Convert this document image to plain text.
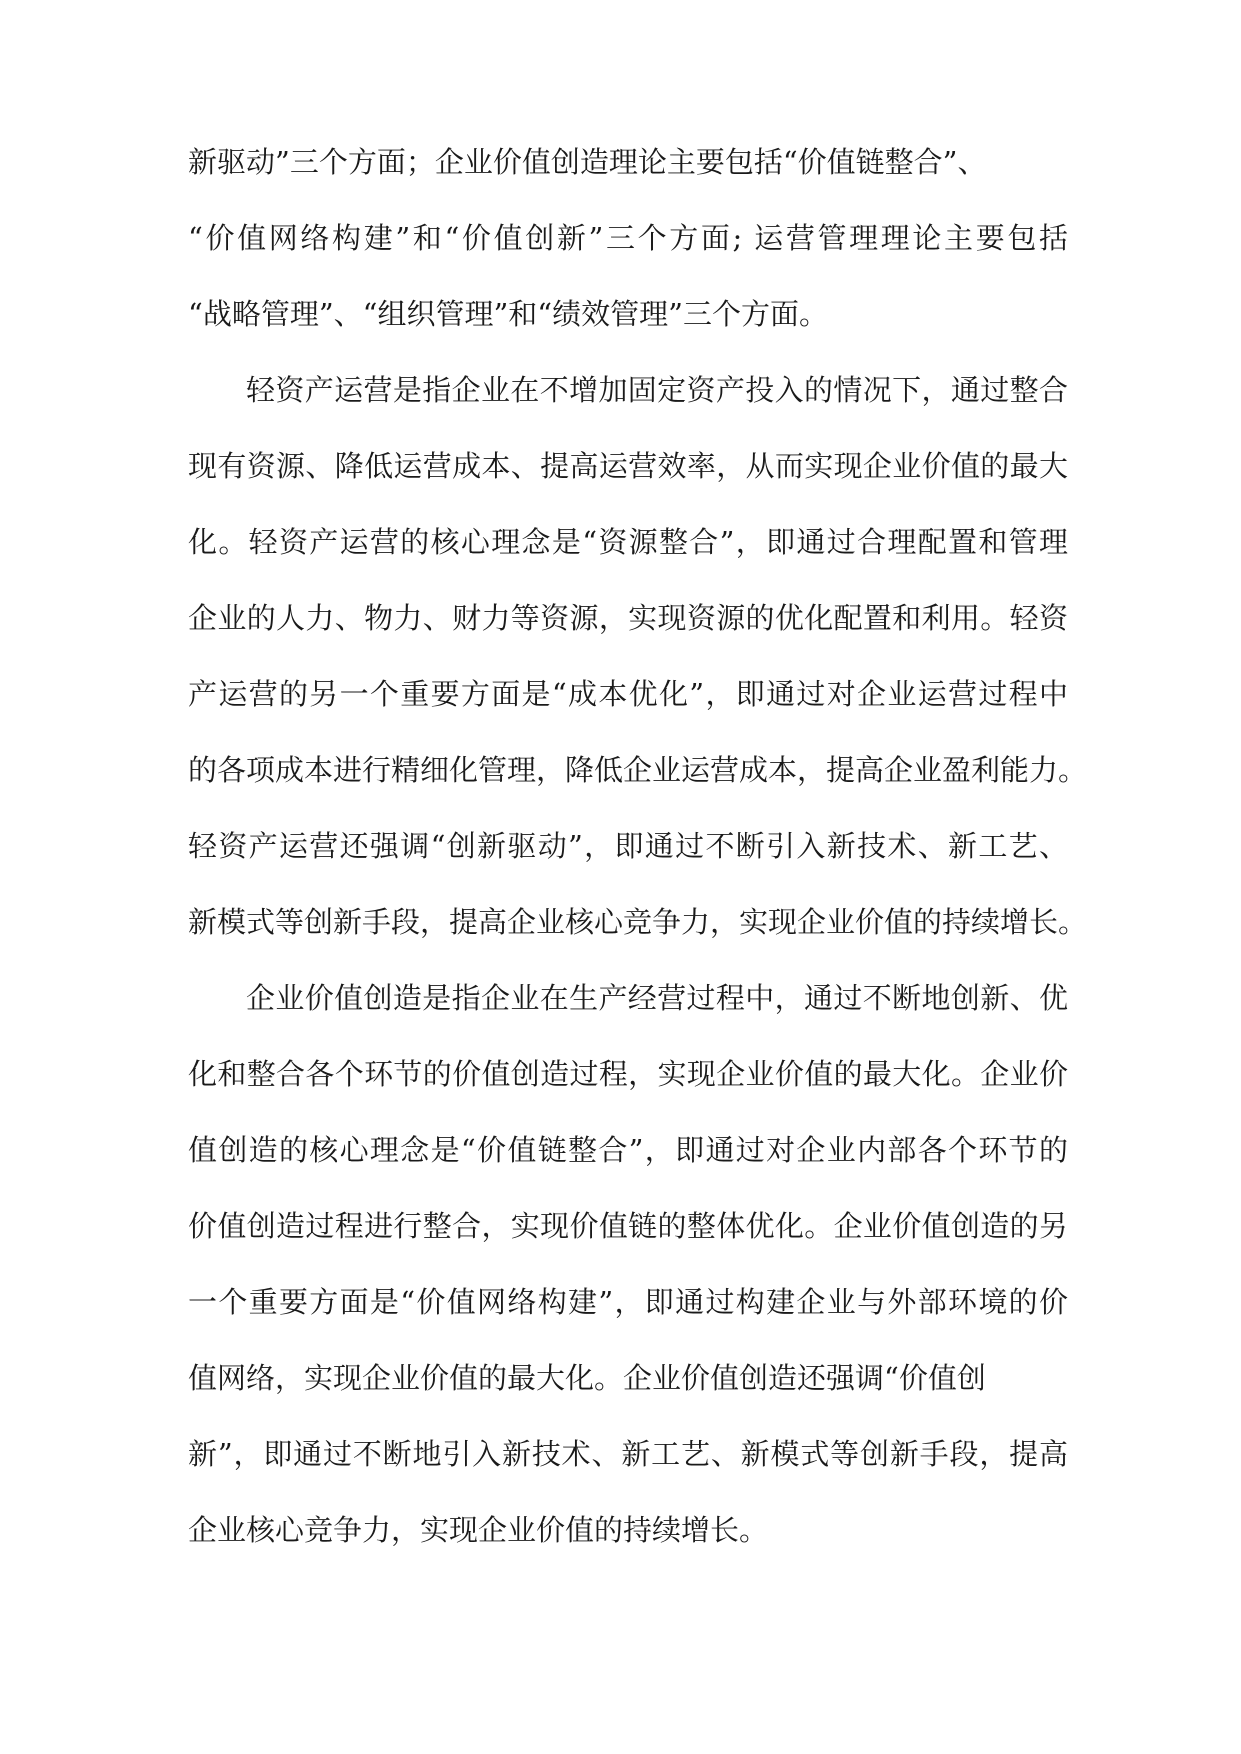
新驱动”三个方面；企业价值创造理论主要包括“价值链整合”、
“价值网络构建”和“价值创新”三个方面; 运营管理理论主要包括
“战略管理”、“组织管理”和“绩效管理”三个方面。
轻资产运营是指企业在不增加固定资产投入的情况下，通过整合
现有资源、降低运营成本、提高运营效率，从而实现企业价值的最大
化。轻资产运营的核心理念是“资源整合”，即通过合理配置和管理
企业的人力、物力、财力等资源，实现资源的优化配置和利用。轻资
产运营的另一个重要方面是“成本优化”，即通过对企业运营过程中
的各项成本进行精细化管理，降低企业运营成本，提高企业盈利能力。
轻资产运营还强调“创新驱动”，即通过不断引入新技术、新工艺、
新模式等创新手段，提高企业核心竞争力，实现企业价值的持续增长。
企业价值创造是指企业在生产经营过程中，通过不断地创新、优
化和整合各个环节的价值创造过程，实现企业价值的最大化。企业价
值创造的核心理念是“价值链整合”，即通过对企业内部各个环节的
价值创造过程进行整合，实现价值链的整体优化。企业价值创造的另
一个重要方面是“价值网络构建”，即通过构建企业与外部环境的价
值网络，实现企业价值的最大化。企业价值创造还强调“价值创
新”，即通过不断地引入新技术、新工艺、新模式等创新手段，提高
企业核心竞争力，实现企业价值的持续增长。
